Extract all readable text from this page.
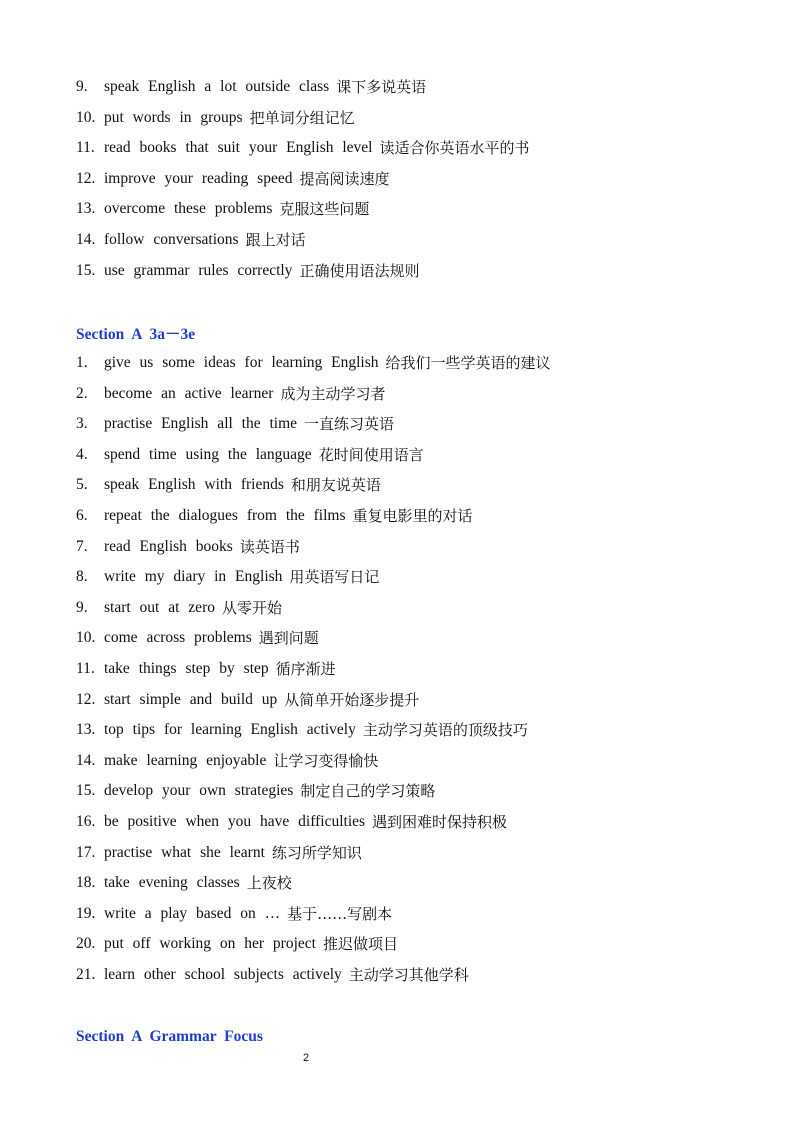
9.	speak English a lot outside class 课下多说英语
10. put words in groups 把单词分组记忆
11. read books that suit your English level 读适合你英语水平的书
12. improve your reading speed 提高阅读速度
13. overcome these problems 克服这些问题
14. follow conversations 跟上对话
15. use grammar rules correctly 正确使用语法规则
Section A 3a－3e
1.	give us some ideas for learning English 给我们一些学英语的建议
2.	become an active learner 成为主动学习者
3.	practise English all the time 一直练习英语
4.	spend time using the language 花时间使用语言
5.	speak English with friends 和朋友说英语
6.	repeat the dialogues from the films 重复电影里的对话
7.	read English books 读英语书
8.	write my diary in English 用英语写日记
9.	start out at zero 从零开始
10. come across problems 遇到问题
11. take things step by step 循序渐进
12. start simple and build up 从简单开始逐步提升
13. top tips for learning English actively 主动学习英语的顶级技巧
14. make learning enjoyable 让学习变得愉快
15. develop your own strategies 制定自己的学习策略
16. be positive when you have difficulties 遇到困难时保持积极
17. practise what she learnt 练习所学知识
18. take evening classes 上夜校
19. write a play based on … 基于……写剧本
20. put off working on her project 推迟做项目
21. learn other school subjects actively 主动学习其他学科
Section A Grammar Focus
2
